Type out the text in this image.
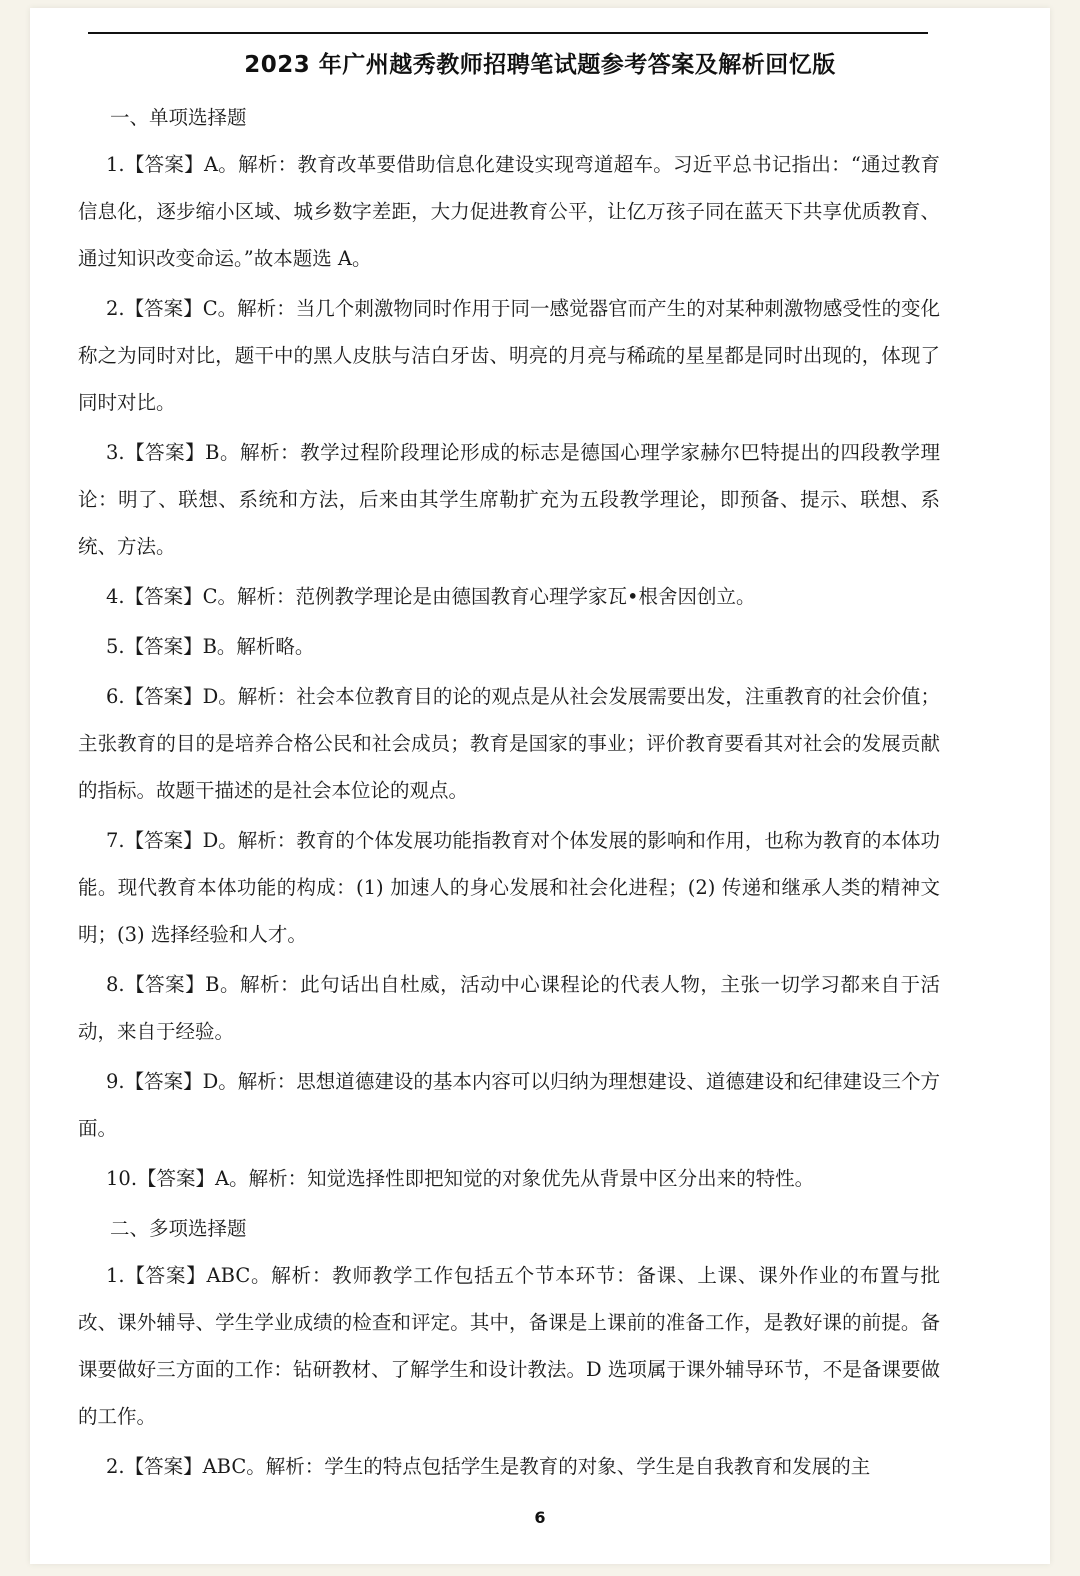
2023 年广州越秀教师招聘笔试题参考答案及解析回忆版

一、单项选择题

1.【答案】A。解析：教育改革要借助信息化建设实现弯道超车。习近平总书记指出：“通过教育信息化，逐步缩小区域、城乡数字差距，大力促进教育公平，让亿万孩子同在蓝天下共享优质教育、通过知识改变命运。”故本题选 A。

2.【答案】C。解析：当几个刺激物同时作用于同一感觉器官而产生的对某种刺激物感受性的变化称之为同时对比，题干中的黑人皮肤与洁白牙齿、明亮的月亮与稀疏的星星都是同时出现的，体现了同时对比。

3.【答案】B。解析：教学过程阶段理论形成的标志是德国心理学家赫尔巴特提出的四段教学理论：明了、联想、系统和方法，后来由其学生席勒扩充为五段教学理论，即预备、提示、联想、系统、方法。

4.【答案】C。解析：范例教学理论是由德国教育心理学家瓦•根舍因创立。

5.【答案】B。解析略。

6.【答案】D。解析：社会本位教育目的论的观点是从社会发展需要出发，注重教育的社会价值；主张教育的目的是培养合格公民和社会成员；教育是国家的事业；评价教育要看其对社会的发展贡献的指标。故题干描述的是社会本位论的观点。

7.【答案】D。解析：教育的个体发展功能指教育对个体发展的影响和作用，也称为教育的本体功能。现代教育本体功能的构成：(1) 加速人的身心发展和社会化进程；(2) 传递和继承人类的精神文明；(3) 选择经验和人才。

8.【答案】B。解析：此句话出自杜威，活动中心课程论的代表人物，主张一切学习都来自于活动，来自于经验。

9.【答案】D。解析：思想道德建设的基本内容可以归纳为理想建设、道德建设和纪律建设三个方面。

10.【答案】A。解析：知觉选择性即把知觉的对象优先从背景中区分出来的特性。

二、多项选择题

1.【答案】ABC。解析：教师教学工作包括五个节本环节：备课、上课、课外作业的布置与批改、课外辅导、学生学业成绩的检查和评定。其中，备课是上课前的准备工作，是教好课的前提。备课要做好三方面的工作：钻研教材、了解学生和设计教法。D 选项属于课外辅导环节，不是备课要做的工作。

2.【答案】ABC。解析：学生的特点包括学生是教育的对象、学生是自我教育和发展的主

6
